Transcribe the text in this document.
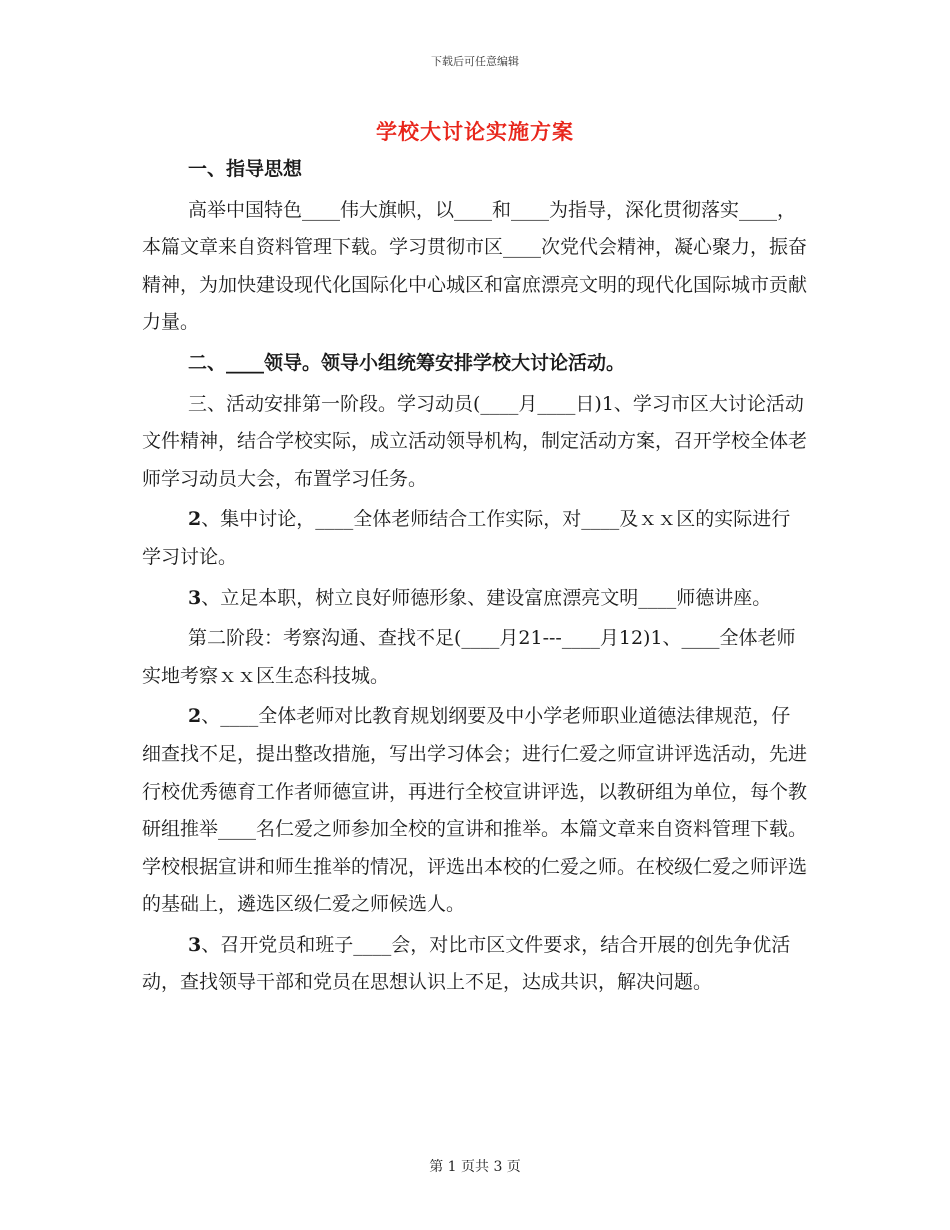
下载后可任意编辑
学校大讨论实施方案

一、指导思想

高举中国特色____伟大旗帜，以____和____为指导，深化贯彻落实____，本篇文章来自资料管理下载。学习贯彻市区____次党代会精神，凝心聚力，振奋精神，为加快建设现代化国际化中心城区和富庶漂亮文明的现代化国际城市贡献力量。

二、____领导。领导小组统筹安排学校大讨论活动。

三、活动安排第一阶段。学习动员(____月____日)1、学习市区大讨论活动文件精神，结合学校实际，成立活动领导机构，制定活动方案，召开学校全体老师学习动员大会，布置学习任务。

2、集中讨论，____全体老师结合工作实际，对____及ｘｘ区的实际进行学习讨论。

3、立足本职，树立良好师德形象、建设富庶漂亮文明____师德讲座。

第二阶段：考察沟通、查找不足(____月21---____月12)1、____全体老师实地考察ｘｘ区生态科技城。

2、____全体老师对比教育规划纲要及中小学老师职业道德法律规范，仔细查找不足，提出整改措施，写出学习体会；进行仁爱之师宣讲评选活动，先进行校优秀德育工作者师德宣讲，再进行全校宣讲评选，以教研组为单位，每个教研组推举____名仁爱之师参加全校的宣讲和推举。本篇文章来自资料管理下载。学校根据宣讲和师生推举的情况，评选出本校的仁爱之师。在校级仁爱之师评选的基础上，遴选区级仁爱之师候选人。

3、召开党员和班子____会，对比市区文件要求，结合开展的创先争优活动，查找领导干部和党员在思想认识上不足，达成共识，解决问题。

第 1 页共 3 页
